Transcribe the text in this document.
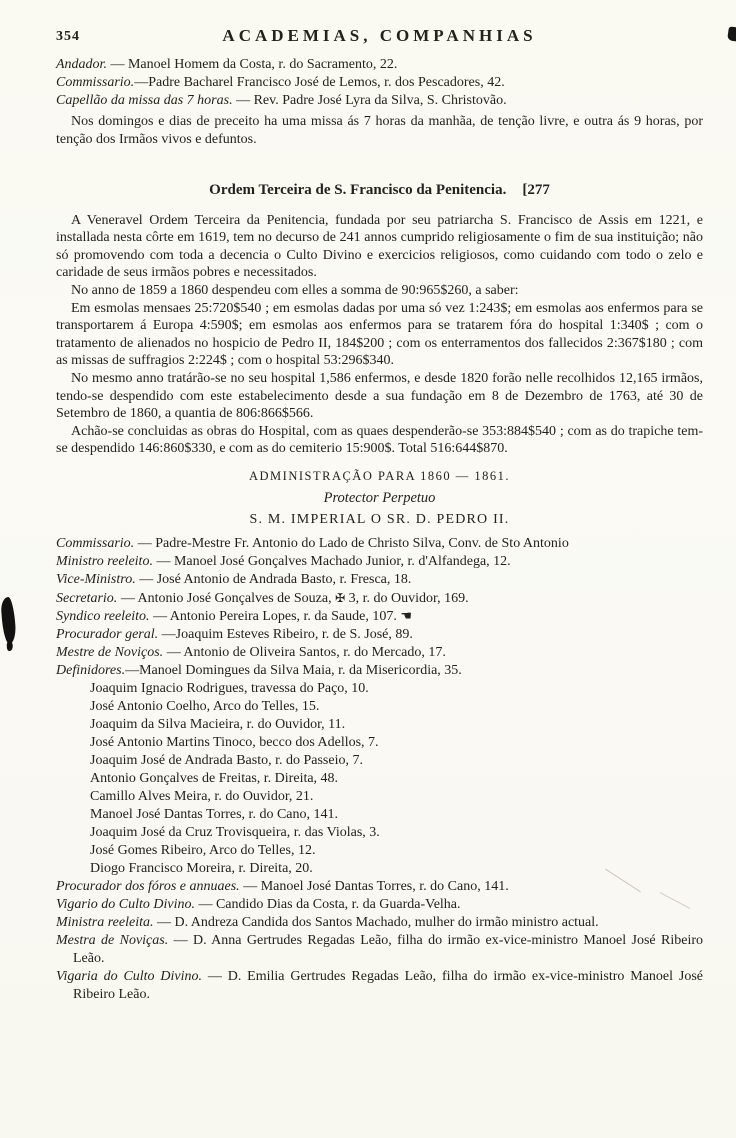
354	ACADEMIAS, COMPANHIAS
Andador. — Manoel Homem da Costa, r. do Sacramento, 22.
Commissario.—Padre Bacharel Francisco José de Lemos, r. dos Pescadores, 42.
Capellão da missa das 7 horas. — Rev. Padre José Lyra da Silva, S. Christovão.

Nos domingos e dias de preceito ha uma missa ás 7 horas da manhãa, de tenção livre, e outra ás 9 horas, por tenção dos Irmãos vivos e defuntos.

Ordem Terceira de S. Francisco da Penitencia. [277

A Veneravel Ordem Terceira da Penitencia, fundada por seu patriarcha S. Francisco de Assis em 1221, e installada nesta côrte em 1619, tem no decurso de 241 annos cumprido religiosamente o fim de sua instituição; não só promovendo com toda a decencia o Culto Divino e exercicios religiosos, como cuidando com todo o zelo e caridade de seus irmãos pobres e necessitados.

No anno de 1859 a 1860 despendeu com elles a somma de 90:965$260, a saber:

Em esmolas mensaes 25:720$540 ; em esmolas dadas por uma só vez 1:243$; em esmolas aos enfermos para se transportarem á Europa 4:590$; em esmolas aos enfermos para se tratarem fóra do hospital 1:340$ ; com o tratamento de alienados no hospicio de Pedro II, 184$200 ; com os enterramentos dos fallecidos 2:367$180 ; com as missas de suffragios 2:224$ ; com o hospital 53:296$340.

No mesmo anno tratárão-se no seu hospital 1,586 enfermos, e desde 1820 forão nelle recolhidos 12,165 irmãos, tendo-se despendido com este estabelecimento desde a sua fundação em 8 de Dezembro de 1763, até 30 de Setembro de 1860, a quantia de 806:866$566.

Achão-se concluidas as obras do Hospital, com as quaes despenderão-se 353:884$540 ; com as do trapiche tem-se despendido 146:860$330, e com as do cemiterio 15:900$. Total 516:644$870.

ADMINISTRAÇÃO PARA 1860 — 1861.
Protector Perpetuo
S. M. IMPERIAL O SR. D. PEDRO II.
Commissario. — Padre-Mestre Fr. Antonio do Lado de Christo Silva, Conv. de Sto Antonio
Ministro reeleito. — Manoel José Gonçalves Machado Junior, r. d'Alfandega, 12.
Vice-Ministro. — José Antonio de Andrada Basto, r. Fresca, 18.
Secretario. — Antonio José Gonçalves de Souza, ✠ 3, r. do Ouvidor, 169.
Syndico reeleito. — Antonio Pereira Lopes, r. da Saude, 107. ☚
Procurador geral. —Joaquim Esteves Ribeiro, r. de S. José, 89.
Mestre de Noviços. — Antonio de Oliveira Santos, r. do Mercado, 17.
Definidores.—Manoel Domingues da Silva Maia, r. da Misericordia, 35.
Joaquim Ignacio Rodrigues, travessa do Paço, 10.
José Antonio Coelho, Arco do Telles, 15.
Joaquim da Silva Macieira, r. do Ouvidor, 11.
José Antonio Martins Tinoco, becco dos Adellos, 7.
Joaquim José de Andrada Basto, r. do Passeio, 7.
Antonio Gonçalves de Freitas, r. Direita, 48.
Camillo Alves Meira, r. do Ouvidor, 21.
Manoel José Dantas Torres, r. do Cano, 141.
Joaquim José da Cruz Trovisqueira, r. das Violas, 3.
José Gomes Ribeiro, Arco do Telles, 12.
Diogo Francisco Moreira, r. Direita, 20.
Procurador dos fóros e annuaes. — Manoel José Dantas Torres, r. do Cano, 141.
Vigario do Culto Divino. — Candido Dias da Costa, r. da Guarda-Velha.
Ministra reeleita. — D. Andreza Candida dos Santos Machado, mulher do irmão ministro actual.
Mestra de Noviças. — D. Anna Gertrudes Regadas Leão, filha do irmão ex-vice-ministro Manoel José Ribeiro Leão.
Vigaria do Culto Divino. — D. Emilia Gertrudes Regadas Leão, filha do irmão ex-vice-ministro Manoel José Ribeiro Leão.
